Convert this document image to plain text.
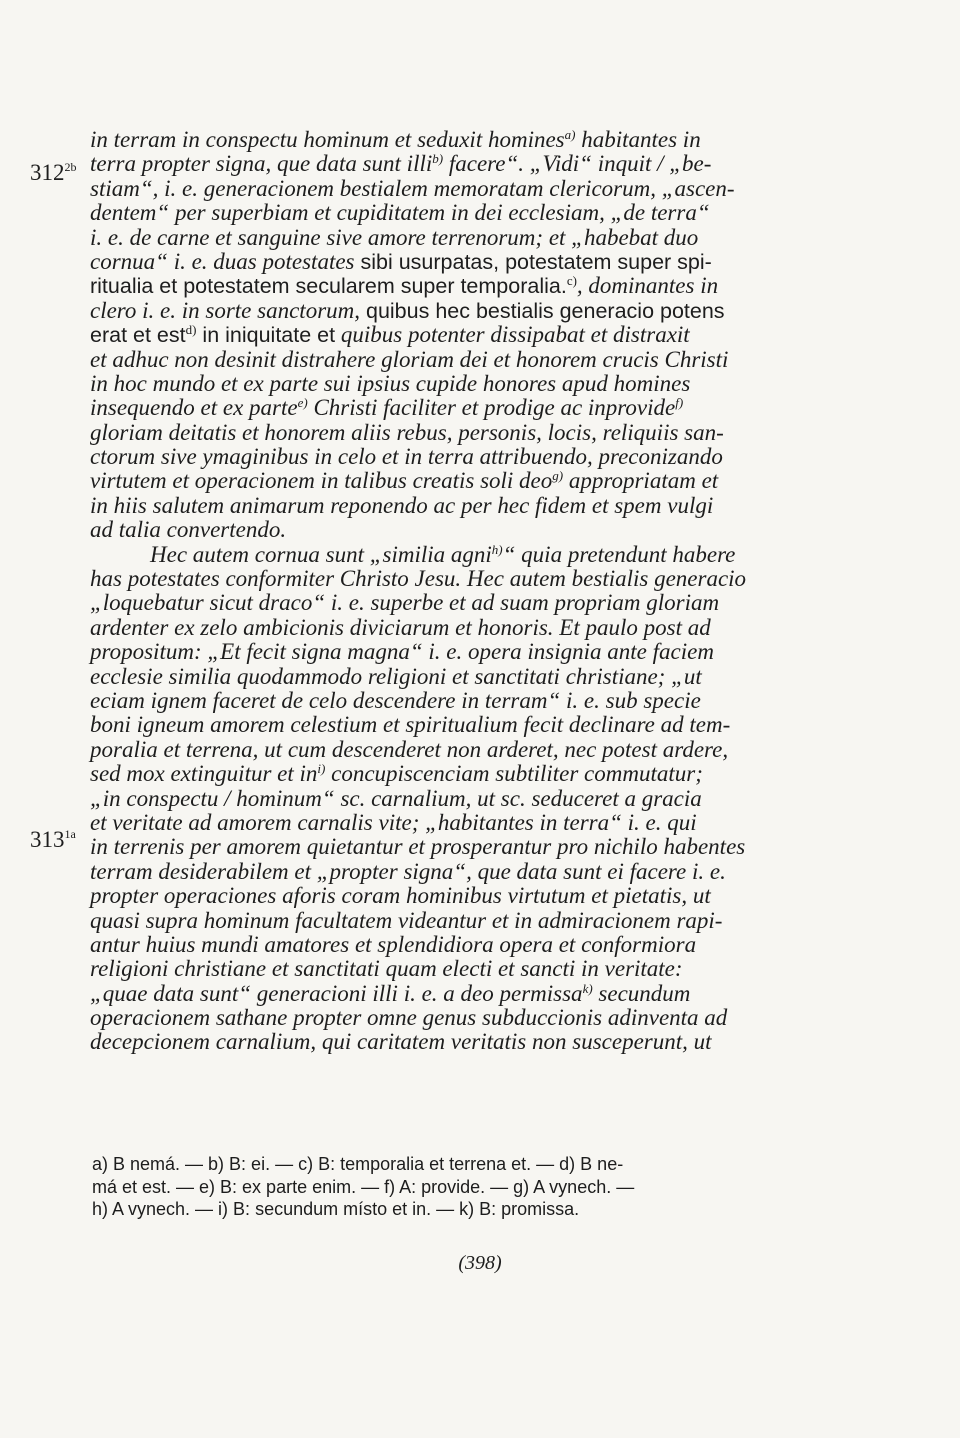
$312^{2b}$
$313^{1a}$
in terram in conspectu hominum et seduxit homines$^{a)}$ habitantes in
terra propter signa, que data sunt illi$^{b)}$ facere“. „Vidi“ inquit / „be-
stiam“, i. e. generacionem bestialem memoratam clericorum, „ascen-
dentem“ per superbiam et cupiditatem in dei ecclesiam, „de terra“
i. e. de carne et sanguine sive amore terrenorum; et „habebat duo
cornua“ i. e. duas potestates sibi usurpatas, potestatem super spi-
ritualia et potestatem secularem super temporalia.$^{c)}$, dominantes in
clero i. e. in sorte sanctorum, quibus hec bestialis generacio potens
erat et est$^{d)}$ in iniquitate et quibus potenter dissipabat et distraxit
et adhuc non desinit distrahere gloriam dei et honorem crucis Christi
in hoc mundo et ex parte sui ipsius cupide honores apud homines
insequendo et ex parte$^{e)}$ Christi faciliter et prodige ac inprovide$^{f)}$
gloriam deitatis et honorem aliis rebus, personis, locis, reliquiis san-
ctorum sive ymaginibus in celo et in terra attribuendo, preconizando
virtutem et operacionem in talibus creatis soli deo$^{g)}$ appropriatam et
in hiis salutem animarum reponendo ac per hec fidem et spem vulgi
ad talia convertendo.
Hec autem cornua sunt „similia agni$^{h)}$“ quia pretendunt habere
has potestates conformiter Christo Jesu. Hec autem bestialis generacio
„loquebatur sicut draco“ i. e. superbe et ad suam propriam gloriam
ardenter ex zelo ambicionis diviciarum et honoris. Et paulo post ad
propositum: „Et fecit signa magna“ i. e. opera insignia ante faciem
ecclesie similia quodammodo religioni et sanctitati christiane; „ut
eciam ignem faceret de celo descendere in terram“ i. e. sub specie
boni igneum amorem celestium et spiritualium fecit declinare ad tem-
poralia et terrena, ut cum descenderet non arderet, nec potest ardere,
sed mox extinguitur et $in^{i)}$ concupiscenciam subtiliter commutatur;
„in conspectu / hominum“ sc. carnalium, ut sc. seduceret a gracia
et veritate ad amorem carnalis vite; „habitantes in terra“ i. e. qui
in terrenis per amorem quietantur et prosperantur pro nichilo habentes
terram desiderabilem et „propter signa“, que data sunt ei facere i. e.
propter operaciones aforis coram hominibus virtutum et pietatis, ut
quasi supra hominum facultatem videantur et in admiracionem rapi-
antur huius mundi amatores et splendidiora opera et conformiora
religioni christiane et sanctitati quam electi et sancti in veritate:
„quae data sunt“ generacioni illi i. e. a deo permissa$^{k)}$ secundum
operacionem sathane propter omne genus subduccionis adinventa ad
decepcionem carnalium, qui caritatem veritatis non susceperunt, ut
a) B nemá. — b) B: ei. — c) B: temporalia et terrena et. — d) B ne-
má et est. — e) B: ex parte enim. — f) A: provide. — g) A vynech. —
h) A vynech. — i) B: secundum místo et in. — k) B: promissa.
(398)
